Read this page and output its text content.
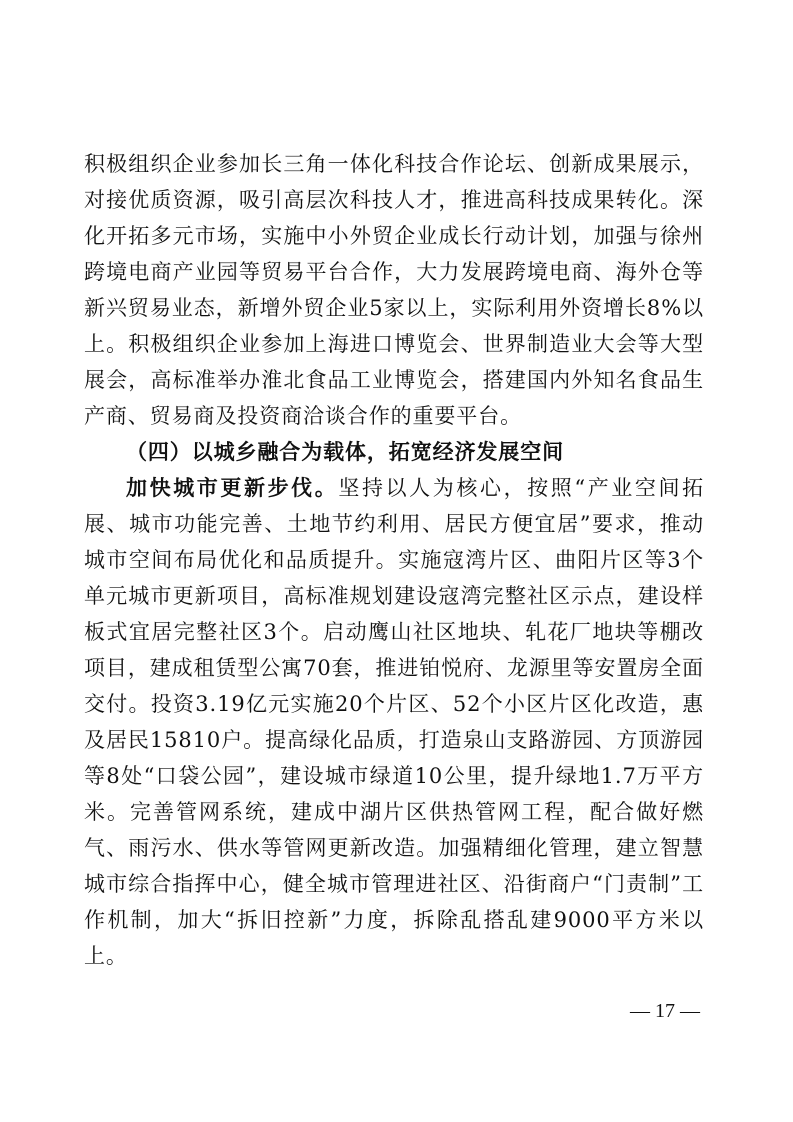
积极组织企业参加长三角一体化科技合作论坛、创新成果展示，对接优质资源，吸引高层次科技人才，推进高科技成果转化。深化开拓多元市场，实施中小外贸企业成长行动计划，加强与徐州跨境电商产业园等贸易平台合作，大力发展跨境电商、海外仓等新兴贸易业态，新增外贸企业5家以上，实际利用外资增长8%以上。积极组织企业参加上海进口博览会、世界制造业大会等大型展会，高标准举办淮北食品工业博览会，搭建国内外知名食品生产商、贸易商及投资商洽谈合作的重要平台。

（四）以城乡融合为载体，拓宽经济发展空间

加快城市更新步伐。坚持以人为核心，按照“产业空间拓展、城市功能完善、土地节约利用、居民方便宜居”要求，推动城市空间布局优化和品质提升。实施寇湾片区、曲阳片区等3个单元城市更新项目，高标准规划建设寇湾完整社区示点，建设样板式宜居完整社区3个。启动鹰山社区地块、轧花厂地块等棚改项目，建成租赁型公寓70套，推进铂悦府、龙源里等安置房全面交付。投资3.19亿元实施20个片区、52个小区片区化改造，惠及居民15810户。提高绿化品质，打造泉山支路游园、方顶游园等8处“口袋公园”，建设城市绿道10公里，提升绿地1.7万平方米。完善管网系统，建成中湖片区供热管网工程，配合做好燃气、雨污水、供水等管网更新改造。加强精细化管理，建立智慧城市综合指挥中心，健全城市管理进社区、沿街商户“门责制”工作机制，加大“拆旧控新”力度，拆除乱搭乱建9000平方米以上。

— 17 —
